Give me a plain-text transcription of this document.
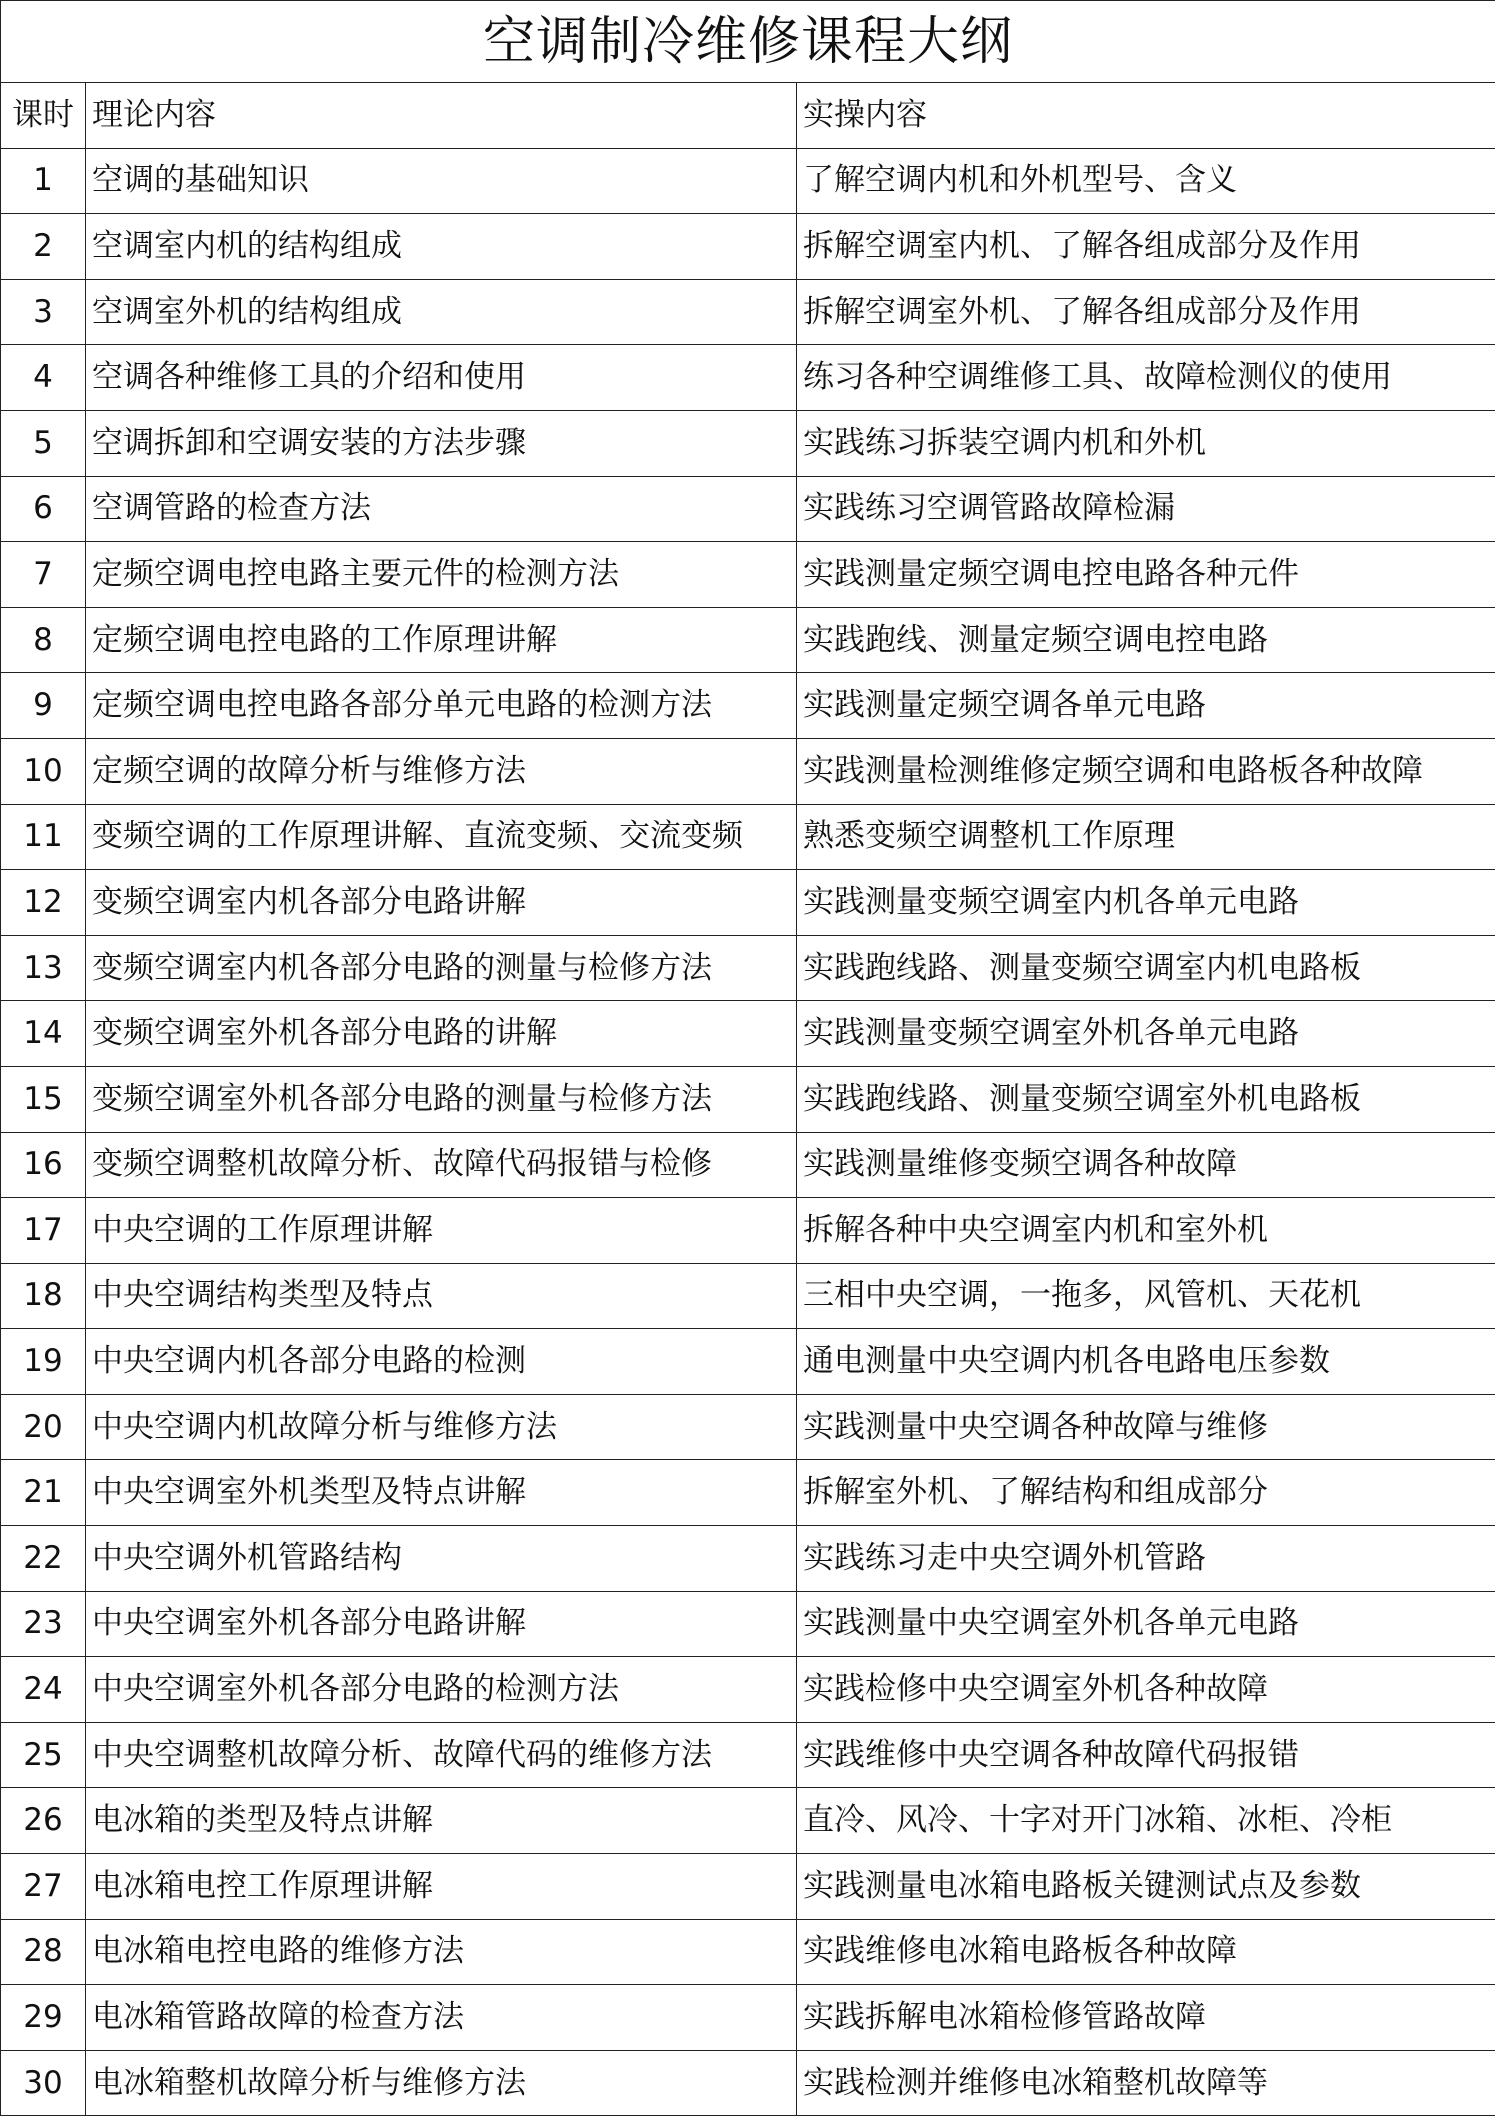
空调制冷维修课程大纲		
课时	理论内容	实操内容
1	空调的基础知识	了解空调内机和外机型号、含义
2	空调室内机的结构组成	拆解空调室内机、了解各组成部分及作用
3	空调室外机的结构组成	拆解空调室外机、了解各组成部分及作用
4	空调各种维修工具的介绍和使用	练习各种空调维修工具、故障检测仪的使用
5	空调拆卸和空调安装的方法步骤	实践练习拆装空调内机和外机
6	空调管路的检查方法	实践练习空调管路故障检漏
7	定频空调电控电路主要元件的检测方法	实践测量定频空调电控电路各种元件
8	定频空调电控电路的工作原理讲解	实践跑线、测量定频空调电控电路
9	定频空调电控电路各部分单元电路的检测方法	实践测量定频空调各单元电路
10	定频空调的故障分析与维修方法	实践测量检测维修定频空调和电路板各种故障
11	变频空调的工作原理讲解、直流变频、交流变频	熟悉变频空调整机工作原理
12	变频空调室内机各部分电路讲解	实践测量变频空调室内机各单元电路
13	变频空调室内机各部分电路的测量与检修方法	实践跑线路、测量变频空调室内机电路板
14	变频空调室外机各部分电路的讲解	实践测量变频空调室外机各单元电路
15	变频空调室外机各部分电路的测量与检修方法	实践跑线路、测量变频空调室外机电路板
16	变频空调整机故障分析、故障代码报错与检修	实践测量维修变频空调各种故障
17	中央空调的工作原理讲解	拆解各种中央空调室内机和室外机
18	中央空调结构类型及特点	三相中央空调，一拖多，风管机、天花机
19	中央空调内机各部分电路的检测	通电测量中央空调内机各电路电压参数
20	中央空调内机故障分析与维修方法	实践测量中央空调各种故障与维修
21	中央空调室外机类型及特点讲解	拆解室外机、了解结构和组成部分
22	中央空调外机管路结构	实践练习走中央空调外机管路
23	中央空调室外机各部分电路讲解	实践测量中央空调室外机各单元电路
24	中央空调室外机各部分电路的检测方法	实践检修中央空调室外机各种故障
25	中央空调整机故障分析、故障代码的维修方法	实践维修中央空调各种故障代码报错
26	电冰箱的类型及特点讲解	直冷、风冷、十字对开门冰箱、冰柜、冷柜
27	电冰箱电控工作原理讲解	实践测量电冰箱电路板关键测试点及参数
28	电冰箱电控电路的维修方法	实践维修电冰箱电路板各种故障
29	电冰箱管路故障的检查方法	实践拆解电冰箱检修管路故障
30	电冰箱整机故障分析与维修方法	实践检测并维修电冰箱整机故障等
